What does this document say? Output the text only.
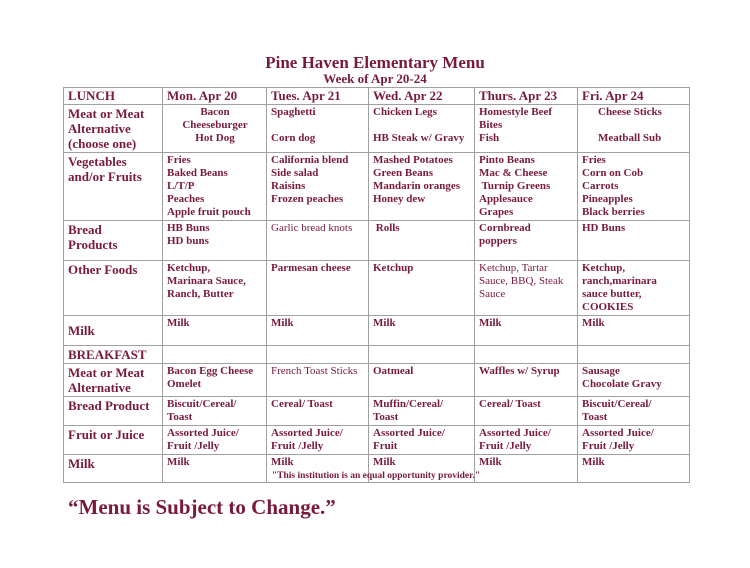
Pine Haven Elementary Menu
Week of Apr 20-24
LUNCH	Mon. Apr 20	Tues. Apr 21	Wed. Apr 22	Thurs. Apr 23	Fri. Apr 24

Meat or Meat
Alternative
(choose one)	Bacon
Cheeseburger
Hot Dog	Spaghetti
Corn dog	Chicken Legs
HB Steak w/ Gravy	Homestyle Beef
Bites
Fish	Cheese Sticks
Meatball Sub

Vegetables
and/or Fruits	Fries
Baked Beans
L/T/P
Peaches
Apple fruit pouch	California blend
Side salad
Raisins
Frozen peaches	Mashed Potatoes
Green Beans
Mandarin oranges
Honey dew	Pinto Beans
Mac & Cheese
Turnip Greens
Applesauce
Grapes	Fries
Corn on Cob
Carrots
Pineapples
Black berries

Bread
Products	HB Buns
HD buns	Garlic bread knots	Rolls	Cornbread
poppers	HD Buns

Other Foods	Ketchup,
Marinara Sauce,
Ranch, Butter	Parmesan cheese	Ketchup	Ketchup, Tartar
Sauce, BBQ, Steak
Sauce	Ketchup,
ranch,marinara
sauce butter,
COOKIES

Milk	Milk	Milk	Milk	Milk	Milk

BREAKFAST					

Meat or Meat
Alternative	Bacon Egg Cheese
Omelet	French Toast Sticks	Oatmeal	Waffles w/ Syrup	Sausage
Chocolate Gravy

Bread Product	Biscuit/Cereal/
Toast	Cereal/ Toast	Muffin/Cereal/
Toast	Cereal/ Toast	Biscuit/Cereal/
Toast

Fruit or Juice	Assorted Juice/
Fruit /Jelly	Assorted Juice/
Fruit /Jelly	Assorted Juice/
Fruit	Assorted Juice/
Fruit /Jelly	Assorted Juice/
Fruit /Jelly

Milk	Milk	Milk	Milk	Milk	Milk
"This institution is an equal opportunity provider."
“Menu is Subject to Change.”
